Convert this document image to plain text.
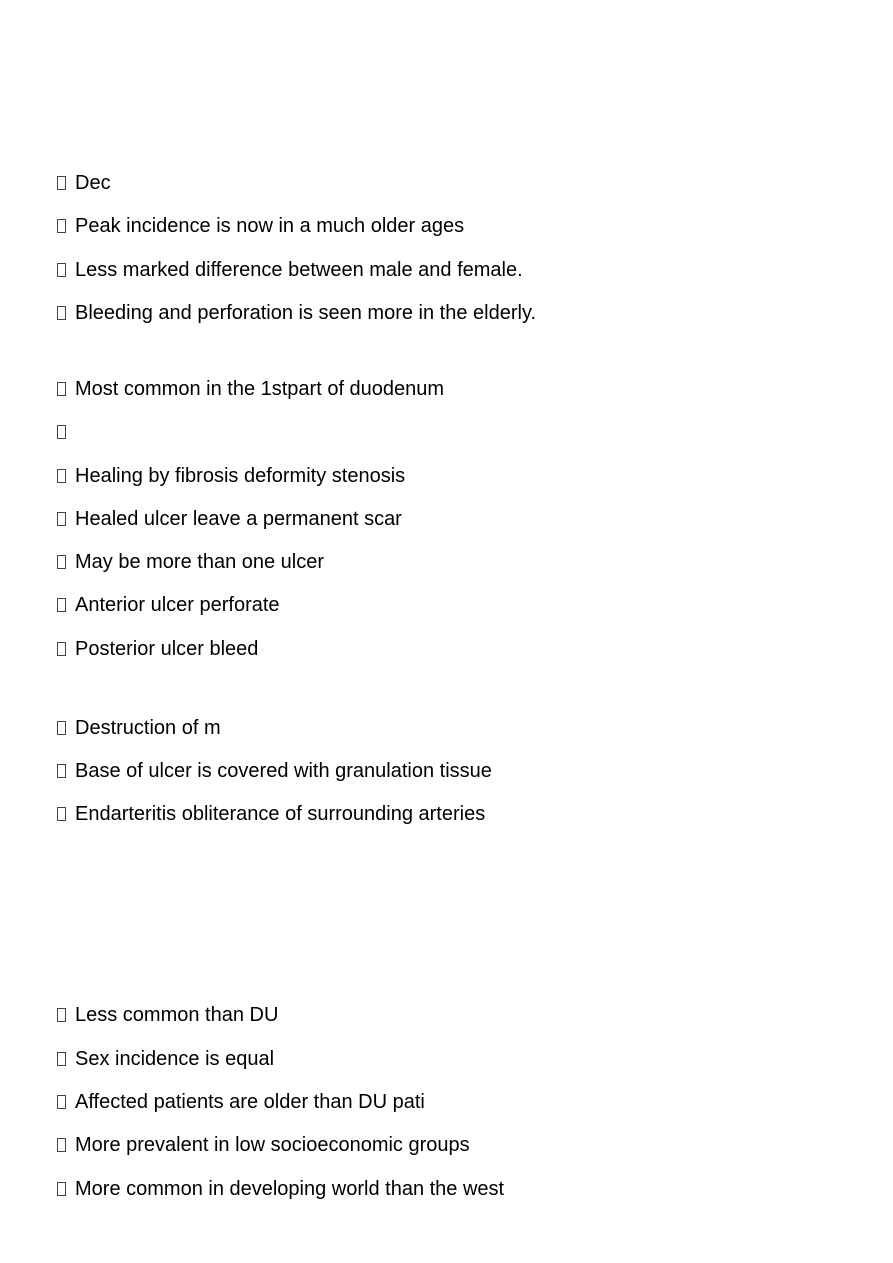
Dec
Peak incidence is now in a much older ages
Less marked difference between male and female.
Bleeding and perforation is seen more in the elderly.
Most common in the 1stpart of duodenum
Healing by fibrosis deformity stenosis
Healed ulcer leave a permanent scar
May be more than one ulcer
Anterior ulcer perforate
Posterior ulcer bleed
Destruction of m
Base of ulcer is covered with granulation tissue
Endarteritis obliterance of surrounding arteries
Less common than DU
Sex incidence is equal
Affected patients are older than DU pati
More prevalent in low socioeconomic groups
More common in developing world than the west
